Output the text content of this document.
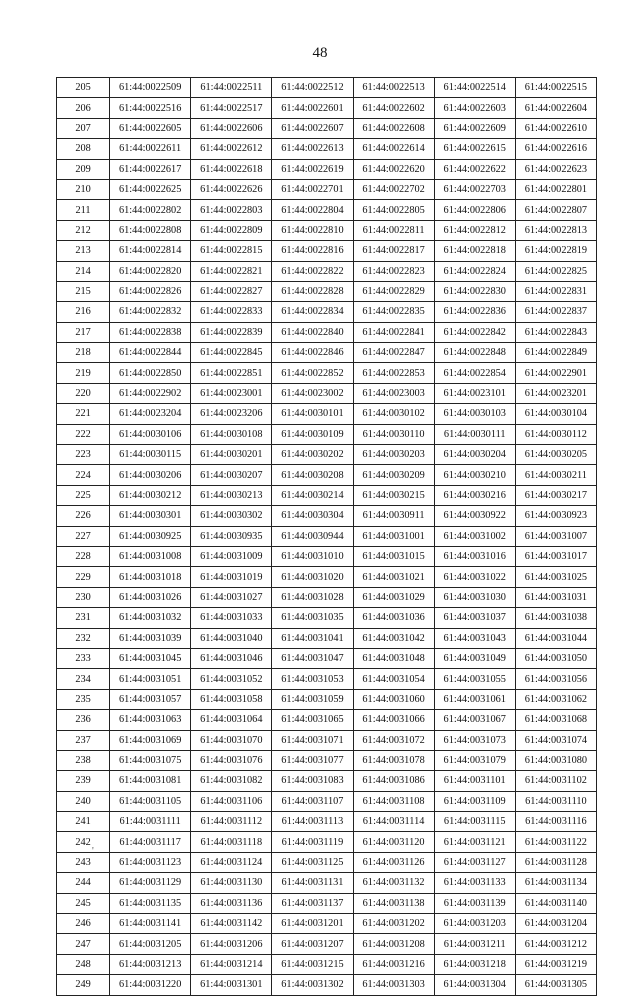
48
205	61:44:0022509	61:44:0022511	61:44:0022512	61:44:0022513	61:44:0022514	61:44:0022515
206	61:44:0022516	61:44:0022517	61:44:0022601	61:44:0022602	61:44:0022603	61:44:0022604
207	61:44:0022605	61:44:0022606	61:44:0022607	61:44:0022608	61:44:0022609	61:44:0022610
208	61:44:0022611	61:44:0022612	61:44:0022613	61:44:0022614	61:44:0022615	61:44:0022616
209	61:44:0022617	61:44:0022618	61:44:0022619	61:44:0022620	61:44:0022622	61:44:0022623
210	61:44:0022625	61:44:0022626	61:44:0022701	61:44:0022702	61:44:0022703	61:44:0022801
211	61:44:0022802	61:44:0022803	61:44:0022804	61:44:0022805	61:44:0022806	61:44:0022807
212	61:44:0022808	61:44:0022809	61:44:0022810	61:44:0022811	61:44:0022812	61:44:0022813
213	61:44:0022814	61:44:0022815	61:44:0022816	61:44:0022817	61:44:0022818	61:44:0022819
214	61:44:0022820	61:44:0022821	61:44:0022822	61:44:0022823	61:44:0022824	61:44:0022825
215	61:44:0022826	61:44:0022827	61:44:0022828	61:44:0022829	61:44:0022830	61:44:0022831
216	61:44:0022832	61:44:0022833	61:44:0022834	61:44:0022835	61:44:0022836	61:44:0022837
217	61:44:0022838	61:44:0022839	61:44:0022840	61:44:0022841	61:44:0022842	61:44:0022843
218	61:44:0022844	61:44:0022845	61:44:0022846	61:44:0022847	61:44:0022848	61:44:0022849
219	61:44:0022850	61:44:0022851	61:44:0022852	61:44:0022853	61:44:0022854	61:44:0022901
220	61:44:0022902	61:44:0023001	61:44:0023002	61:44:0023003	61:44:0023101	61:44:0023201
221	61:44:0023204	61:44:0023206	61:44:0030101	61:44:0030102	61:44:0030103	61:44:0030104
222	61:44:0030106	61:44:0030108	61:44:0030109	61:44:0030110	61:44:0030111	61:44:0030112
223	61:44:0030115	61:44:0030201	61:44:0030202	61:44:0030203	61:44:0030204	61:44:0030205
224	61:44:0030206	61:44:0030207	61:44:0030208	61:44:0030209	61:44:0030210	61:44:0030211
225	61:44:0030212	61:44:0030213	61:44:0030214	61:44:0030215	61:44:0030216	61:44:0030217
226	61:44:0030301	61:44:0030302	61:44:0030304	61:44:0030911	61:44:0030922	61:44:0030923
227	61:44:0030925	61:44:0030935	61:44:0030944	61:44:0031001	61:44:0031002	61:44:0031007
228	61:44:0031008	61:44:0031009	61:44:0031010	61:44:0031015	61:44:0031016	61:44:0031017
229	61:44:0031018	61:44:0031019	61:44:0031020	61:44:0031021	61:44:0031022	61:44:0031025
230	61:44:0031026	61:44:0031027	61:44:0031028	61:44:0031029	61:44:0031030	61:44:0031031
231	61:44:0031032	61:44:0031033	61:44:0031035	61:44:0031036	61:44:0031037	61:44:0031038
232	61:44:0031039	61:44:0031040	61:44:0031041	61:44:0031042	61:44:0031043	61:44:0031044
233	61:44:0031045	61:44:0031046	61:44:0031047	61:44:0031048	61:44:0031049	61:44:0031050
234	61:44:0031051	61:44:0031052	61:44:0031053	61:44:0031054	61:44:0031055	61:44:0031056
235	61:44:0031057	61:44:0031058	61:44:0031059	61:44:0031060	61:44:0031061	61:44:0031062
236	61:44:0031063	61:44:0031064	61:44:0031065	61:44:0031066	61:44:0031067	61:44:0031068
237	61:44:0031069	61:44:0031070	61:44:0031071	61:44:0031072	61:44:0031073	61:44:0031074
238	61:44:0031075	61:44:0031076	61:44:0031077	61:44:0031078	61:44:0031079	61:44:0031080
239	61:44:0031081	61:44:0031082	61:44:0031083	61:44:0031086	61:44:0031101	61:44:0031102
240	61:44:0031105	61:44:0031106	61:44:0031107	61:44:0031108	61:44:0031109	61:44:0031110
241	61:44:0031111	61:44:0031112	61:44:0031113	61:44:0031114	61:44:0031115	61:44:0031116
242	61:44:0031117	61:44:0031118	61:44:0031119	61:44:0031120	61:44:0031121	61:44:0031122
243	61:44:0031123	61:44:0031124	61:44:0031125	61:44:0031126	61:44:0031127	61:44:0031128
244	61:44:0031129	61:44:0031130	61:44:0031131	61:44:0031132	61:44:0031133	61:44:0031134
245	61:44:0031135	61:44:0031136	61:44:0031137	61:44:0031138	61:44:0031139	61:44:0031140
246	61:44:0031141	61:44:0031142	61:44:0031201	61:44:0031202	61:44:0031203	61:44:0031204
247	61:44:0031205	61:44:0031206	61:44:0031207	61:44:0031208	61:44:0031211	61:44:0031212
248	61:44:0031213	61:44:0031214	61:44:0031215	61:44:0031216	61:44:0031218	61:44:0031219
249	61:44:0031220	61:44:0031301	61:44:0031302	61:44:0031303	61:44:0031304	61:44:0031305
'
